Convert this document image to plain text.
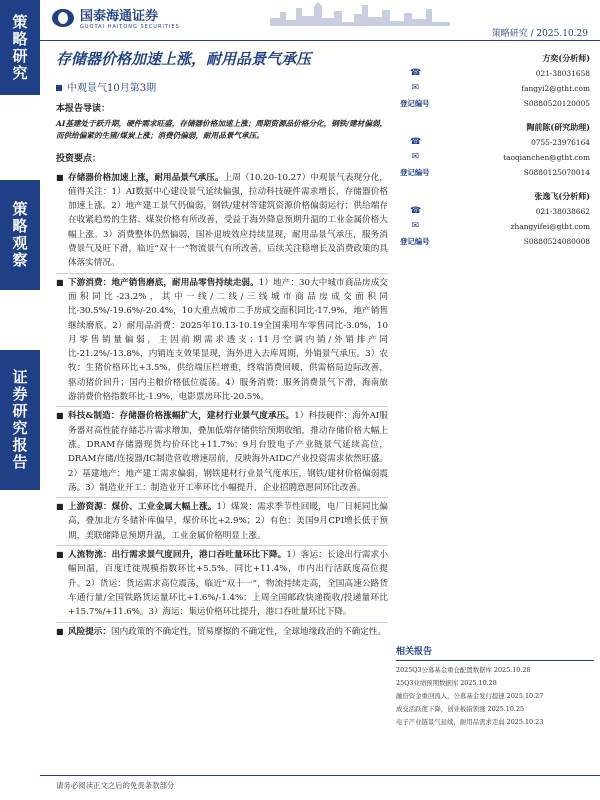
策略研究
策略观察
证券研究报告
国泰海通证券
GUOTAI HAITONG SECURITIES
策略研究 / 2025.10.29
存储器价格加速上涨，耐用品景气承压
中观景气10月第3期
本报告导读：
AI基建处于跃升期，硬件需求旺盛，存储器价格加速上涨；周期资源品价格分化，钢铁/建材偏弱，而供给偏紧的生猪/煤炭上涨；消费仍偏弱，耐用品景气承压。
投资要点：
■ 存储器价格加速上涨，耐用品景气承压。上周（10.20-10.27）中观景气表现分化，值得关注：1）AI数据中心建设景气延续偏强，拉动科技硬件需求增长，存储器价格加速上涨。2）地产建工景气仍偏弱，钢铁/建材等建筑资源价格偏弱运行；供给端存在收紧趋势的生猪、煤炭价格有所改善，受益于海外降息预期升温的工业金属价格大幅上涨。3）消费整体仍然偏弱，国补退坡效应持续显现，耐用品景气承压，服务消费景气及旺下滑，临近“双十一”物流景气有所改善，后续关注稳增长及消费政策的具体落实情况。
■ 下游消费：地产销售磨底，耐用品零售持续走弱。1）地产：30大中城市商品房成交面积同比-23.2%，其中一线/二线/三线城市商品房成交面积同比-30.5%/-19.6%/-20.4%，10大重点城市二手房成交面积同比-17.9%，地产销售继续磨底。2）耐用品消费：2025年10.13-10.19全国乘用车零售同比-3.0%，10月零售销量偏弱，主因前期需求透支；11月空调内销/外销排产同比-21.2%/-13.8%，内销连支效果显现，海外进入去库周期，外销景气承压。3）农牧：生猪价格环比+3.5%，供给端压栏增重，终端消费回暖，供需格局边际改善，驱动猪价回升；国内主粮价格低位震荡。4）服务消费：服务消费景气下滑，海南旅游消费价格指数环比-1.9%，电影票房环比-20.5%。
■ 科技&制造：存储器价格涨幅扩大，建材行业景气度承压。1）科技硬件：海外AI服务器对高性能存储芯片需求增加，叠加低端存储供给预期收缩，推动存储价格大幅上涨。DRAM存储器现货均价环比+11.7%；9月台股电子产业链景气延续高位，DRAM存储/连接器/IC制造营收增速居前，反映海外AIDC产业投资需求依然旺盛。2）基建地产：地产建工需求偏弱，钢铁建材行业景气度承压，钢铁/建材价格偏弱震荡。3）制造业开工：制造业开工率环比小幅提升，企业招聘意愿同环比改善。
■ 上游资源：煤价、工业金属大幅上涨。1）煤炭：需求季节性回暖，电厂日耗同比偏高，叠加北方冬储补库偏早，煤价环比+2.9%；2）有色：美国9月CPI增长低于预期，美联储降息预期升温，工业金属价格明显上涨。
■ 人流物流：出行需求景气度回升，港口吞吐量环比下降。1）客运：长途出行需求小幅回温，百度迁徙规模指数环比+5.5%，同比+11.4%，市内出行活跃度高位提升。2）货运：货运需求高位震荡，临近“双十一”，物流持续走高，全国高速公路货车通行量/全国铁路货运量环比+1.6%/-1.4%；上周全国邮政快递揽收/投递量环比+15.7%/+11.6%。3）海运：集运价格环比提升，港口吞吐量环比下降。
■ 风险提示：国内政策的不确定性，贸易摩擦的不确定性，全球地缘政治的不确定性。
方奕(分析师)
☎	021-38031658
✉	fangyi2@gtht.com
登记编号	S0880520120005
陶前陈(研究助理)
☎	0755-23976164
✉	taoqianchen@gtht.com
登记编号	S0880125070014
张逸飞(分析师)
☎	021-38038662
✉	zhangyifei@gtht.com
登记编号	S0880524080008
相关报告
2025Q3公募基金重仓配置数据库 2025.10.28
25Q3业绩预期数据库 2025.10.28
融资资金重回流入，公募基金发行提速 2025.10.27
成交活跃度下降，创业板指领涨 2025.10.25
电子产业链景气延续，耐用品需求走弱 2025.10.23
请务必阅读正文之后的免责条款部分
